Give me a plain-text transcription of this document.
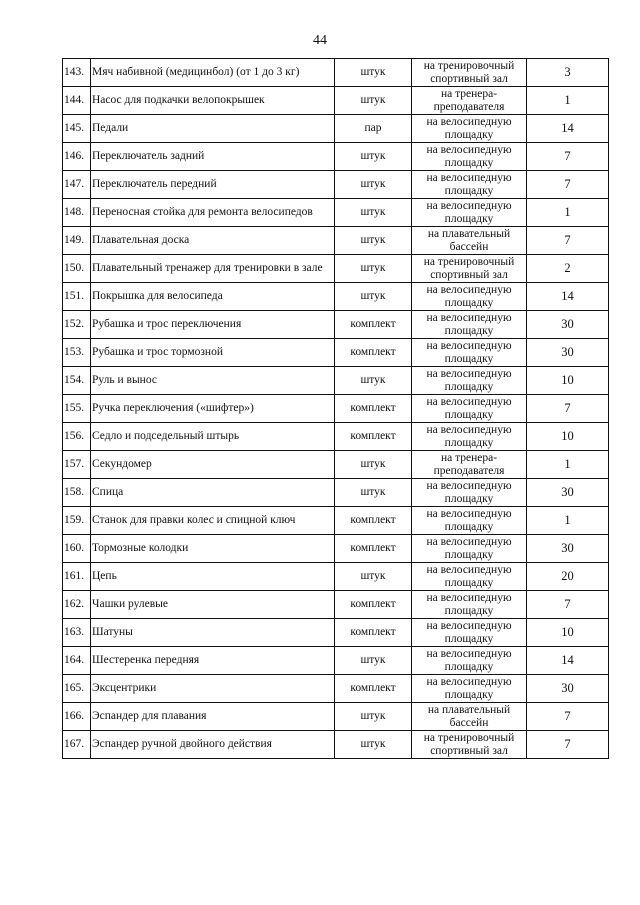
44
143.	Мяч набивной (медицинбол) (от 1 до 3 кг)	штук	на тренировочный спортивный зал	3
144.	Насос для подкачки велопокрышек	штук	на тренера-преподавателя	1
145.	Педали	пар	на велосипедную площадку	14
146.	Переключатель задний	штук	на велосипедную площадку	7
147.	Переключатель передний	штук	на велосипедную площадку	7
148.	Переносная стойка для ремонта велосипедов	штук	на велосипедную площадку	1
149.	Плавательная доска	штук	на плавательный бассейн	7
150.	Плавательный тренажер для тренировки в зале	штук	на тренировочный спортивный зал	2
151.	Покрышка для велосипеда	штук	на велосипедную площадку	14
152.	Рубашка и трос переключения	комплект	на велосипедную площадку	30
153.	Рубашка и трос тормозной	комплект	на велосипедную площадку	30
154.	Руль и вынос	штук	на велосипедную площадку	10
155.	Ручка переключения («шифтер»)	комплект	на велосипедную площадку	7
156.	Седло и подседельный штырь	комплект	на велосипедную площадку	10
157.	Секундомер	штук	на тренера-преподавателя	1
158.	Спица	штук	на велосипедную площадку	30
159.	Станок для правки колес и спицной ключ	комплект	на велосипедную площадку	1
160.	Тормозные колодки	комплект	на велосипедную площадку	30
161.	Цепь	штук	на велосипедную площадку	20
162.	Чашки рулевые	комплект	на велосипедную площадку	7
163.	Шатуны	комплект	на велосипедную площадку	10
164.	Шестеренка передняя	штук	на велосипедную площадку	14
165.	Эксцентрики	комплект	на велосипедную площадку	30
166.	Эспандер для плавания	штук	на плавательный бассейн	7
167.	Эспандер ручной двойного действия	штук	на тренировочный спортивный зал	7
